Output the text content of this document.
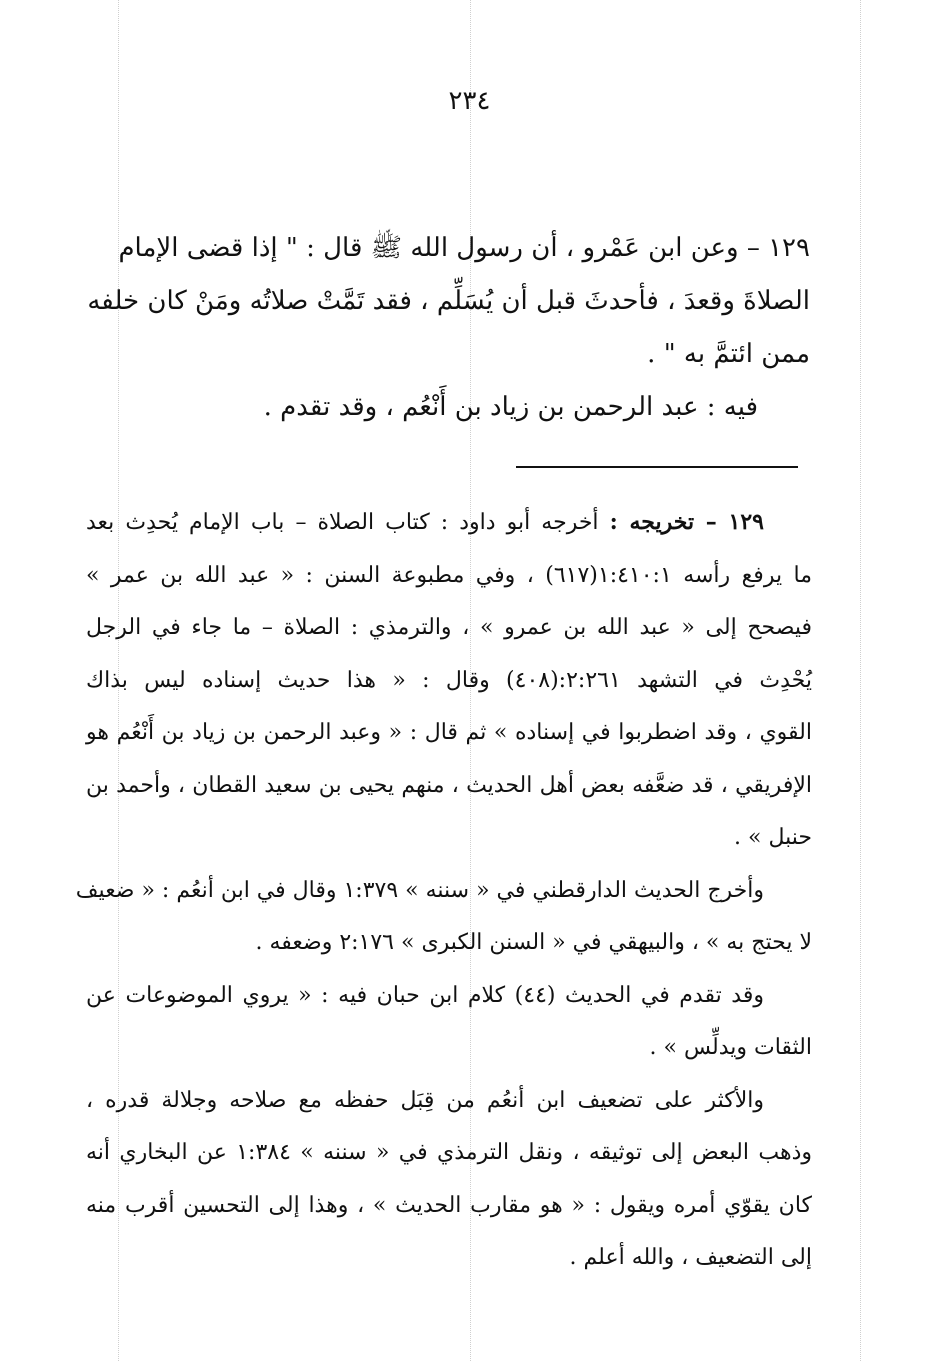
٢٣٤
١٢٩ – وعن ابن عَمْرو ، أن رسول الله ﷺ قال : " إذا قضى الإمام
الصلاةَ وقعدَ ، فأحدثَ قبل أن يُسَلِّم ، فقد تَمَّتْ صلاتُه ومَنْ كان خلفه
ممن ائتمَّ به " .
فيه : عبد الرحمن بن زياد بن أَنْعُم ، وقد تقدم .
١٢٩ – تخريجه : أخرجه أبو داود : كتاب الصلاة – باب الإمام يُحدِث بعد
ما يرفع رأسه ١:٤١٠:١(٦١٧) ، وفي مطبوعة السنن : « عبد الله بن عمر »
فيصحح إلى « عبد الله بن عمرو » ، والترمذي : الصلاة – ما جاء في الرجل
يُحْدِث في التشهد ٢:٢٦١:(٤٠٨) وقال : « هذا حديث إسناده ليس بذاك
القوي ، وقد اضطربوا في إسناده » ثم قال : « وعبد الرحمن بن زياد بن أَنْعُم هو
الإفريقي ، قد ضعَّفه بعض أهل الحديث ، منهم يحيى بن سعيد القطان ، وأحمد بن
حنبل » .
وأخرج الحديث الدارقطني في « سننه » ١:٣٧٩ وقال في ابن أنعُم : « ضعيف
لا يحتج به » ، والبيهقي في « السنن الكبرى » ٢:١٧٦ وضعفه .
وقد تقدم في الحديث (٤٤) كلام ابن حبان فيه : « يروي الموضوعات عن
الثقات ويدلِّس » .
والأكثر على تضعيف ابن أنعُم من قِبَل حفظه مع صلاحه وجلالة قدره ،
وذهب البعض إلى توثيقه ، ونقل الترمذي في « سننه » ١:٣٨٤ عن البخاري أنه
كان يقوّي أمره ويقول : « هو مقارب الحديث » ، وهذا إلى التحسين أقرب منه
إلى التضعيف ، والله أعلم .
